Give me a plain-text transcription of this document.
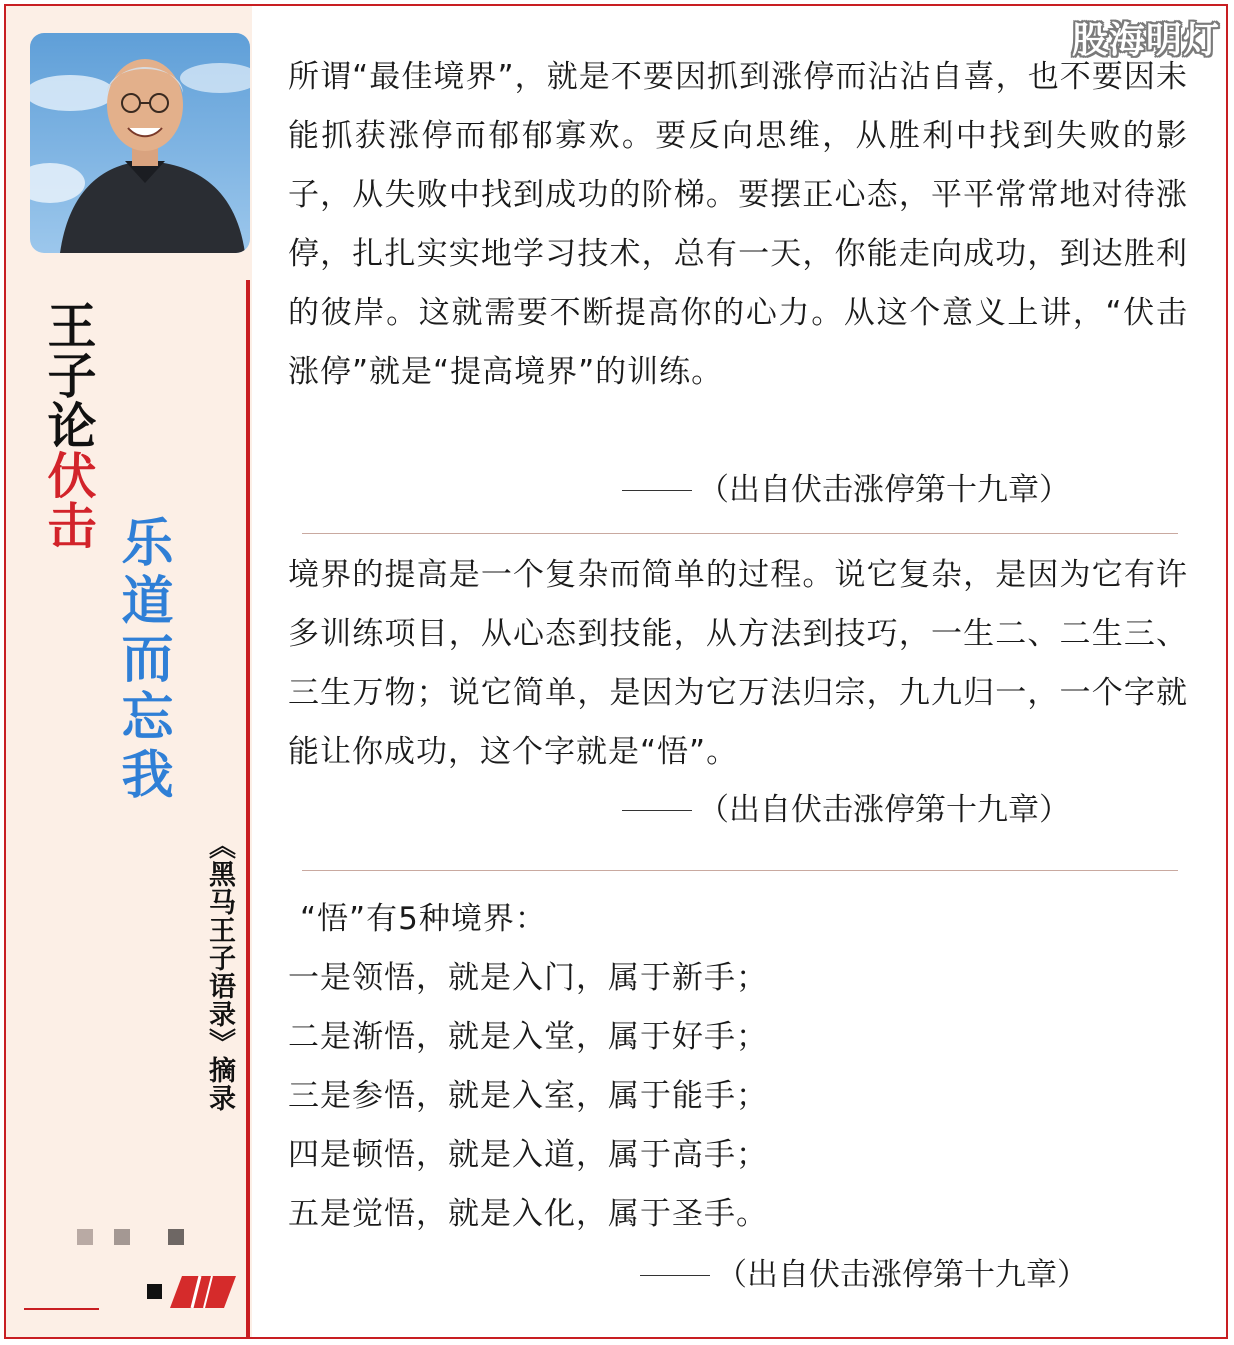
王子论伏击
乐道而忘我
《黑马王子语录》摘录
股海明灯

所谓“最佳境界”，就是不要因抓到涨停而沾沾自喜，也不要因未能抓获涨停而郁郁寡欢。要反向思维，从胜利中找到失败的影子，从失败中找到成功的阶梯。要摆正心态，平平常常地对待涨停，扎扎实实地学习技术，总有一天，你能走向成功，到达胜利的彼岸。这就需要不断提高你的心力。从这个意义上讲，“伏击涨停”就是“提高境界”的训练。

（出自伏击涨停第十九章）

境界的提高是一个复杂而简单的过程。说它复杂，是因为它有许多训练项目，从心态到技能，从方法到技巧，一生二、二生三、三生万物；说它简单，是因为它万法归宗，九九归一，一个字就能让你成功，这个字就是“悟”。

（出自伏击涨停第十九章）

“悟”有5种境界：

一是领悟，就是入门，属于新手；

二是渐悟，就是入堂，属于好手；

三是参悟，就是入室，属于能手；

四是顿悟，就是入道，属于高手；

五是觉悟，就是入化，属于圣手。

（出自伏击涨停第十九章）
